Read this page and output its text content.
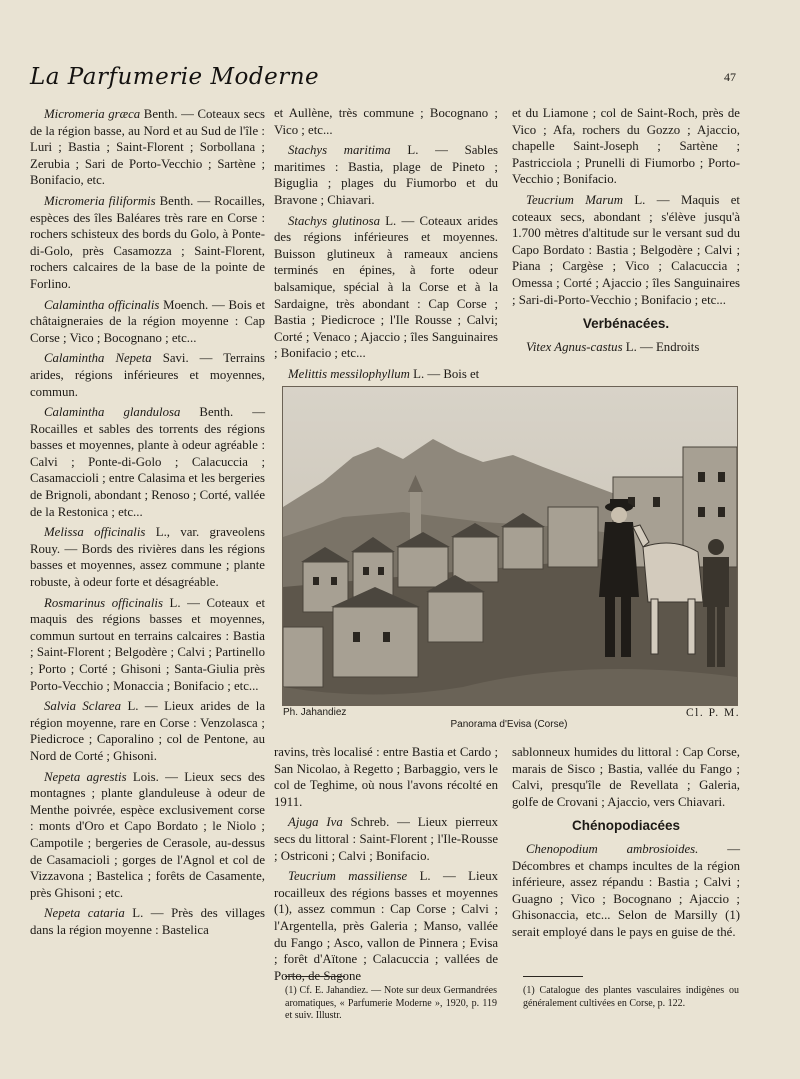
La Parfumerie Moderne	47

Micromeria græca Benth. — Coteaux secs de la région basse, au Nord et au Sud de l'île : Luri ; Bastia ; Saint-Florent ; Sorbollana ; Zerubia ; Sari de Porto-Vecchio ; Sartène ; Bonifacio, etc.

Micromeria filiformis Benth. — Rocailles, espèces des îles Baléares très rare en Corse : rochers schisteux des bords du Golo, à Ponte-di-Golo, près Casamozza ; Saint-Florent, rochers calcaires de la base de la pointe de Forlino.

Calamintha officinalis Moench. — Bois et châtaigneraies de la région moyenne : Cap Corse ; Vico ; Bocognano ; etc...

Calamintha Nepeta Savi. — Terrains arides, régions inférieures et moyennes, commun.

Calamintha glandulosa Benth. — Rocailles et sables des torrents des régions basses et moyennes, plante à odeur agréable : Calvi ; Ponte-di-Golo ; Calacuccia ; Casamaccioli ; entre Calasima et les bergeries de Brignoli, abondant ; Renoso ; Corté, vallée de la Restonica ; etc...

Melissa officinalis L., var. graveolens Rouy. — Bords des rivières dans les régions basses et moyennes, assez commune ; plante robuste, à odeur forte et désagréable.

Rosmarinus officinalis L. — Coteaux et maquis des régions basses et moyennes, commun surtout en terrains calcaires : Bastia ; Saint-Florent ; Belgodère ; Calvi ; Partinello ; Porto ; Corté ; Ghisoni ; Santa-Giulia près Porto-Vecchio ; Monaccia ; Bonifacio ; etc...

Salvia Sclarea L. — Lieux arides de la région moyenne, rare en Corse : Venzolasca ; Piedicroce ; Caporalino ; col de Pentone, au Nord de Corté ; Ghisoni.

Nepeta agrestis Lois. — Lieux secs des montagnes ; plante glanduleuse à odeur de Menthe poivrée, espèce exclusivement corse : monts d'Oro et Capo Bordato ; le Niolo ; Campotile ; bergeries de Cerasole, au-dessus de Casamacioli ; gorges de l'Agnol et col de Vizzavona ; Bastelica ; forêts de Casamente, près Ghisoni ; etc.

Nepeta cataria L. — Près des villages dans la région moyenne : Bastelica

et Aullène, très commune ; Bocognano ; Vico ; etc...

Stachys maritima L. — Sables maritimes : Bastia, plage de Pineto ; Biguglia ; plages du Fiumorbo et du Bravone ; Chiavari.

Stachys glutinosa L. — Coteaux arides des régions inférieures et moyennes. Buisson glutineux à rameaux anciens terminés en épines, à forte odeur balsamique, spécial à la Corse et à la Sardaigne, très abondant : Cap Corse ; Bastia ; Piedicroce ; l'Ile Rousse ; Calvi; Corté ; Venaco ; Ajaccio ; îles Sanguinaires ; Bonifacio ; etc...

Melittis messilophyllum L. — Bois et

et du Liamone ; col de Saint-Roch, près de Vico ; Afa, rochers du Gozzo ; Ajaccio, chapelle Saint-Joseph ; Sartène ; Pastricciola ; Prunelli di Fiumorbo ; Porto-Vecchio ; Bonifacio.

Teucrium Marum L. — Maquis et coteaux secs, abondant ; s'élève jusqu'à 1.700 mètres d'altitude sur le versant sud du Capo Bordato : Bastia ; Belgodère ; Calvi ; Piana ; Cargèse ; Vico ; Calacuccia ; Omessa ; Corté ; Ajaccio ; îles Sanguinaires ; Sari-di-Porto-Vecchio ; Bonifacio ; etc...

Verbénacées.

Vitex Agnus-castus L. — Endroits

Ph. Jahandiez	Cl. P. M.
Panorama d'Evisa (Corse)

ravins, très localisé : entre Bastia et Cardo ; San Nicolao, à Regetto ; Barbaggio, vers le col de Teghime, où nous l'avons récolté en 1911.

Ajuga Iva Schreb. — Lieux pierreux secs du littoral : Saint-Florent ; l'Ile-Rousse ; Ostriconi ; Calvi ; Bonifacio.

Teucrium massiliense L. — Lieux rocailleux des régions basses et moyennes (1), assez commun : Cap Corse ; Calvi ; l'Argentella, près Galeria ; Manso, vallée du Fango ; Asco, vallon de Pinnera ; Evisa ; forêt d'Aïtone ; Calacuccia ; vallées de Porto, de Sagone

sablonneux humides du littoral : Cap Corse, marais de Sisco ; Bastia, vallée du Fango ; Calvi, presqu'île de Revellata ; Galeria, golfe de Crovani ; Ajaccio, vers Chiavari.

Chénopodiacées

Chenopodium ambrosioides. — Décombres et champs incultes de la région inférieure, assez répandu : Bastia ; Calvi ; Guagno ; Vico ; Bocognano ; Ajaccio ; Ghisonaccia, etc... Selon de Marsilly (1) serait employé dans le pays en guise de thé.

(1) Cf. E. Jahandiez. — Note sur deux Germandrées aromatiques, « Parfumerie Moderne », 1920, p. 119 et suiv. Illustr.
(1) Catalogue des plantes vasculaires indigènes ou généralement cultivées en Corse, p. 122.
